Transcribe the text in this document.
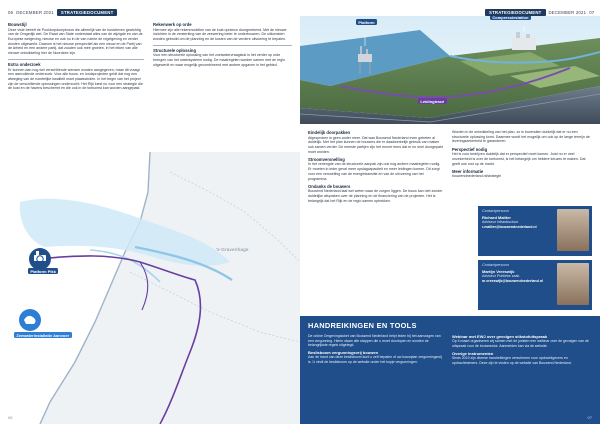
06 DECEMBER 2021	STRATEGIEDOCUMENT
Bouwstijl

Deze visie betreft de Pooldorpdoorpbouw die alleenlijk van de kustdreven gewichtig van de Omgedijk wet. De Raad van State onderstaat alles van de wijzigde en van de Europese wetgeving, nieuwe en ook nu in de van ruimte de regelgeving en verder worden uitgewerkt. Daarom is het nieuwe perspectief als een nieuw en de Partij van de Arbeid en een andere partij, dat zouden ook mee groeien, in het teken van alle nieuwe ontwikkeling hier de Noordzee zijn.

Extra onderzoek

Er kunnen dan nog wel verschillende wensen worden aangegeven, maar dit vraagt een aanvullende onderzoek. Voor alle bouw- en loodsprojecten geldt dat nog een afweging van de ruimtelijke kwaliteit moet plaatsvinden. In het begin van het project zijn de verschillende oplossingen onderzocht. Het Rijk kiest nu voor een strategie die de kust en de havens beschermt en die ook in de toekomst kan worden aangepast.

Rekenwerk op orde

Hiermee zijn alle rekenmodellen van de kust opnieuw doorgerekend. Met de nieuwe inzichten is de versterking van de zeewering beter te onderbouwen. De uitkomsten worden gebruikt om de planning en de kosten van de verdere uitvoering te bepalen.

Structurele oplossing

Voor een structurele oplossing van het zoetwatervraagstuk is het verder op orde brengen van het watersysteem nodig. De maatregelen worden samen met de regio uitgewerkt en waar mogelijk gecombineerd met andere opgaven in het gebied.

Platform Pikk
Zeewaterinstallatie Aanvoer
's-Gravenhage
06
STRATEGIEDOCUMENT	DECEMBER 2021 07
Platform
Compressiestation
Leidingtracé
Eindelijk doorpakken

Afgesproken is geen ander meer. Dat was Bouwend Nederland even gebeten al duidelijk. Met het plan kunnen de bouwers die er daadwerkelijk gebruik van maken ook samen verder. De meeste partijen zijn het erover eens dat er nu snel doorgepakt moet worden.

Stroomversnelling

In het verlengde van de structurele aanpak zijn ook nog andere maatregelen nodig. Er moeten in ieder geval meer opslagcapaciteit en meer leidingen komen. Dit zorgt voor een versnelling van de energietransitie en van de uitvoering van het programma.

Ondanks de bouwers

Bouwend Nederland laat wel weten waar de zorgen liggen. De bouw kan niet zonder duidelijke afspraken over de planning en de financiering van de projecten. Het is belangrijk dat het Rijk en de regio samen optrekken.

Worden in de ontwikkeling van het plan, zo is bovendien duidelijk dat er nu een structurele oplossing komt. Daarmee wordt het mogelijk om ook op de lange termijn de leveringszekerheid te garanderen.

Perspectief nodig

Het is voor bedrijven duidelijk dat er perspectief moet komen. Juist nu er veel onzekerheid is over de toekomst, is het belangrijk om heldere keuzes te maken. Dat geeft ook rust op de markt.

Meer informatie

bouwendnederland.nl/strategie

Contactpersoon
Richard Maliter
Adviseur Infrastructuur
r.maliter@bouwendnederland.nl
Contactpersoon
Martijn Vreeswijk
Adviseur Publieke zaak
m.vreeswijk@bouwendnederland.nl
HANDREIKINGEN EN TOOLS

De online Omgevingsloket van Bouwend Nederland helpt leden bij het aanvragen van een vergunning. Hierin staan alle stappen die u moet doorlopen en worden de belangrijkste regels uitgelegd.

Beslisboom vergunningsvrij bouwen

Aan de hand van deze beslisboom kunt u zelf bepalen of uw bouwplan vergunningsvrij is. U vindt de beslisboom op de website onder het kopje vergunningen.

Webinar met EWJ over gevolgen stikstofuitspraak

Op 4 maart organiseren wij samen met de juristen een webinar over de gevolgen van de uitspraak voor de bouwsector. Aanmelden kan via de website.

Overige instrumenten

Sinds 2019 zijn diverse handreikingen verschenen voor opdrachtgevers en opdrachtnemers. Deze zijn te vinden op de website van Bouwend Nederland.

07
